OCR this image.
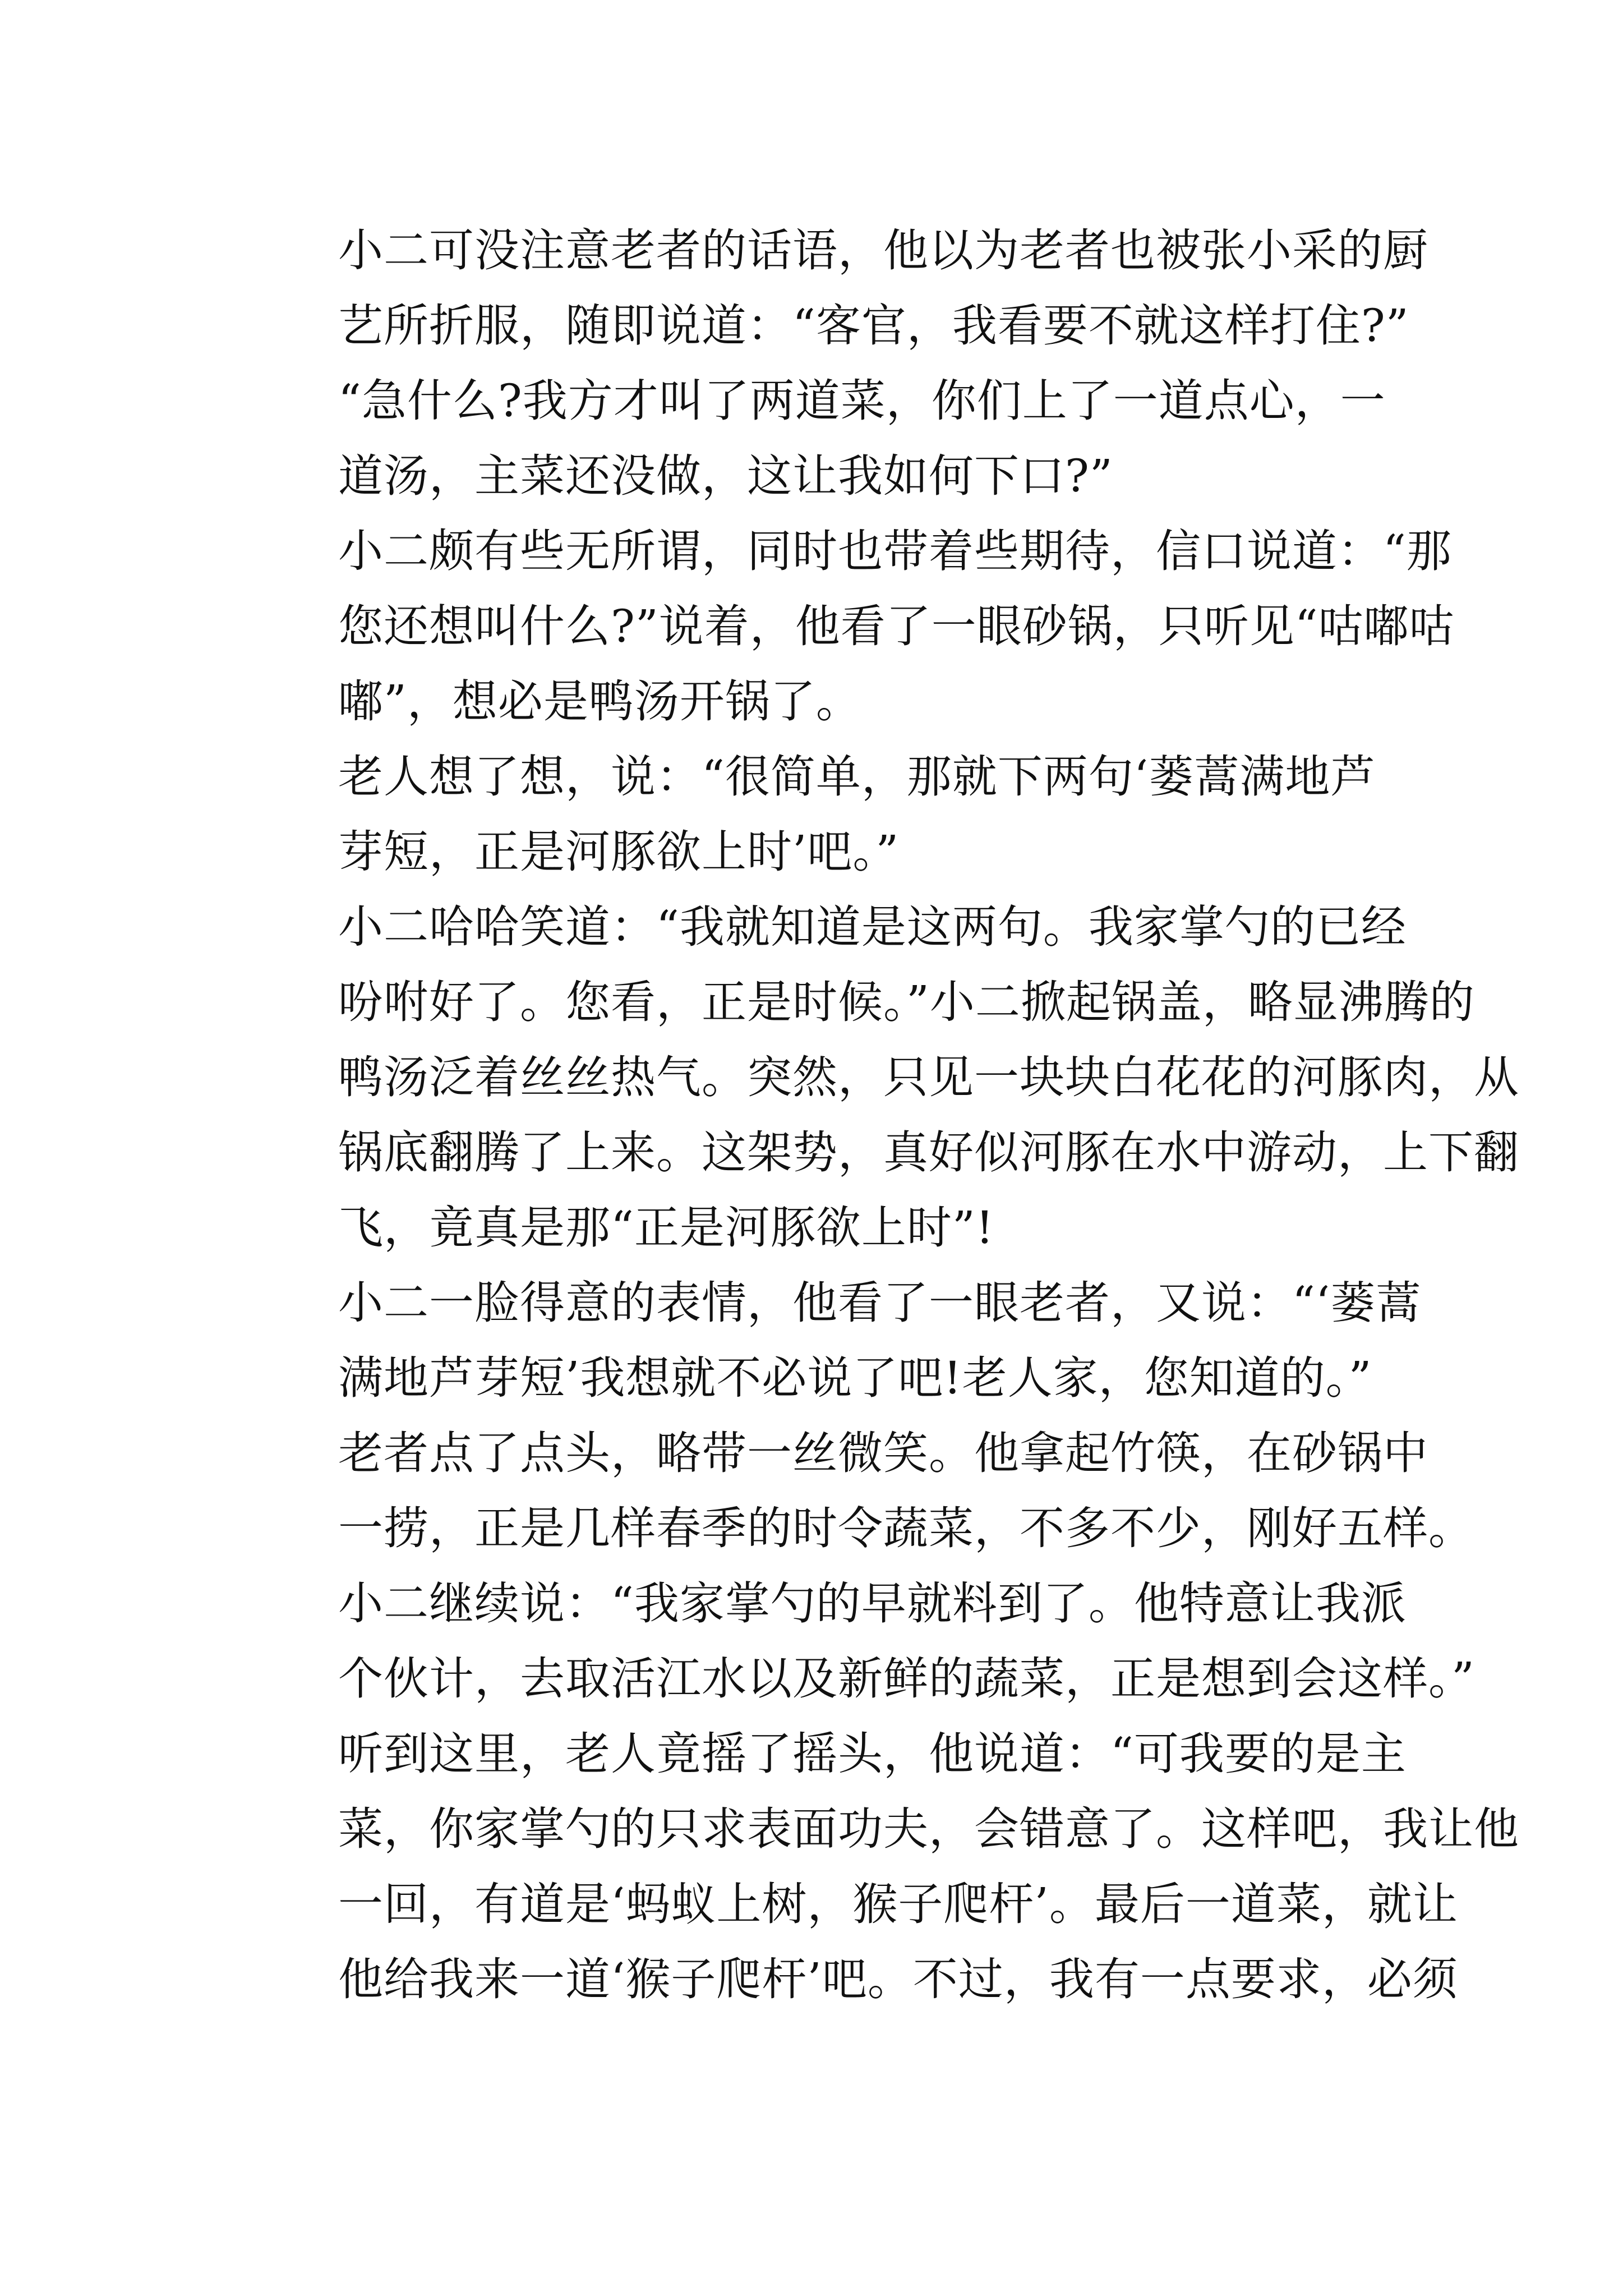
小二可没注意老者的话语，他以为老者也被张小采的厨
艺所折服，随即说道：“客官，我看要不就这样打住?”

“急什么?我方才叫了两道菜，你们上了一道点心，一
道汤，主菜还没做，这让我如何下口?”

小二颇有些无所谓，同时也带着些期待，信口说道：“那
您还想叫什么?”说着，他看了一眼砂锅，只听见“咕嘟咕
嘟”，想必是鸭汤开锅了。

老人想了想，说：“很简单，那就下两句‘蒌蒿满地芦
芽短，正是河豚欲上时’吧。”

小二哈哈笑道：“我就知道是这两句。我家掌勺的已经
吩咐好了。您看，正是时候。”小二掀起锅盖，略显沸腾的
鸭汤泛着丝丝热气。突然，只见一块块白花花的河豚肉，从
锅底翻腾了上来。这架势，真好似河豚在水中游动，上下翻
飞，竟真是那“正是河豚欲上时”!

小二一脸得意的表情，他看了一眼老者，又说：“‘蒌蒿
满地芦芽短’我想就不必说了吧!老人家，您知道的。”

老者点了点头，略带一丝微笑。他拿起竹筷，在砂锅中
一捞，正是几样春季的时令蔬菜，不多不少，刚好五样。

小二继续说：“我家掌勺的早就料到了。他特意让我派
个伙计，去取活江水以及新鲜的蔬菜，正是想到会这样。”

听到这里，老人竟摇了摇头，他说道：“可我要的是主
菜，你家掌勺的只求表面功夫，会错意了。这样吧，我让他
一回，有道是‘蚂蚁上树，猴子爬杆’。最后一道菜，就让
他给我来一道‘猴子爬杆’吧。不过，我有一点要求，必须
